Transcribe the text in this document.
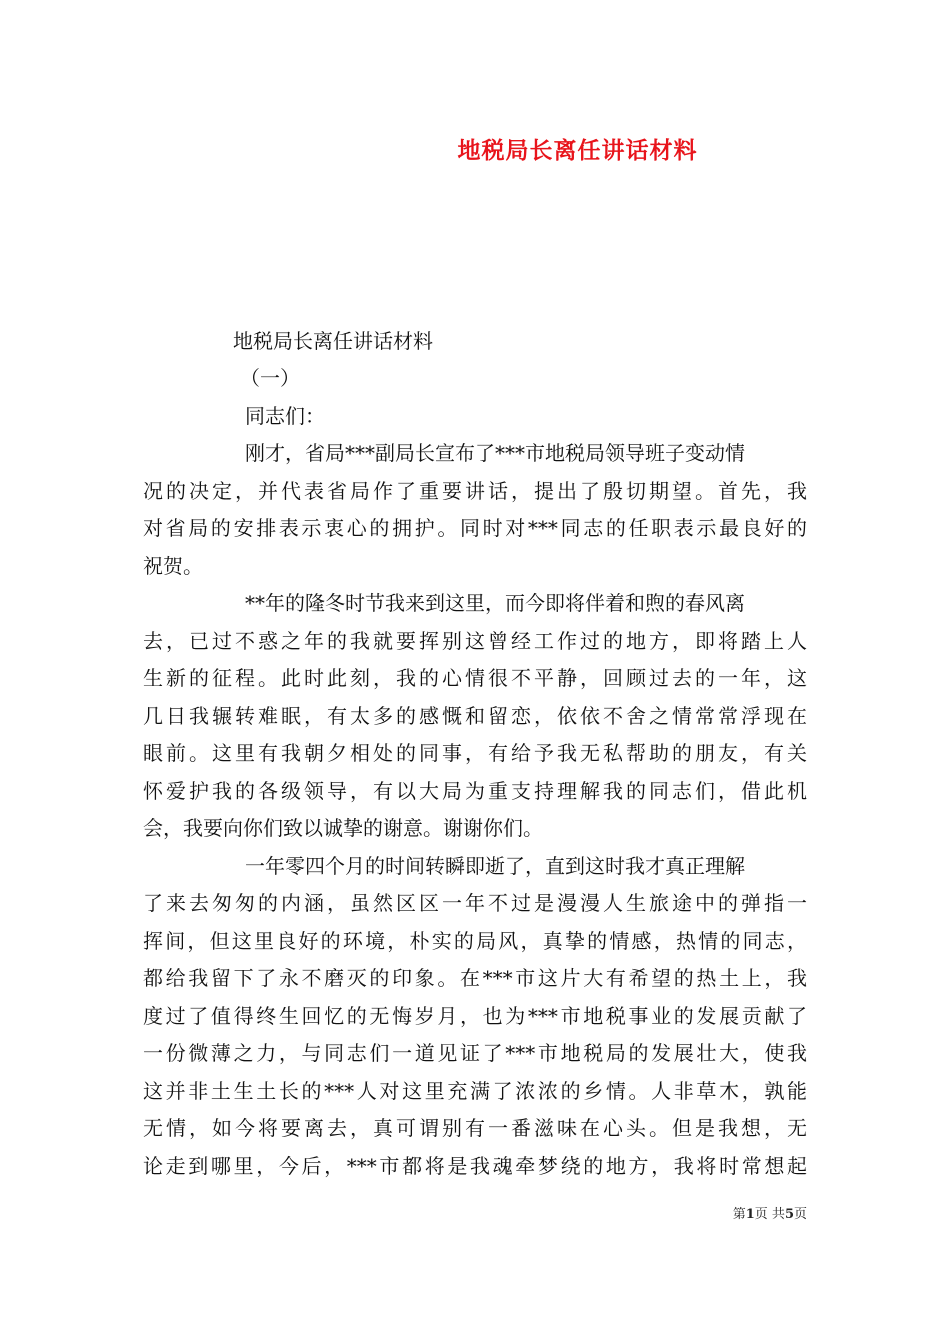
地税局长离任讲话材料
地税局长离任讲话材料
（一）
同志们：
刚才，省局***副局长宣布了***市地税局领导班子变动情
况的决定，并代表省局作了重要讲话，提出了殷切期望。首先，我
对省局的安排表示衷心的拥护。同时对***同志的任职表示最良好的
祝贺。
**年的隆冬时节我来到这里，而今即将伴着和煦的春风离
去，已过不惑之年的我就要挥别这曾经工作过的地方，即将踏上人
生新的征程。此时此刻，我的心情很不平静，回顾过去的一年，这
几日我辗转难眠，有太多的感慨和留恋，依依不舍之情常常浮现在
眼前。这里有我朝夕相处的同事，有给予我无私帮助的朋友，有关
怀爱护我的各级领导，有以大局为重支持理解我的同志们，借此机
会，我要向你们致以诚挚的谢意。谢谢你们。
一年零四个月的时间转瞬即逝了，直到这时我才真正理解
了来去匆匆的内涵，虽然区区一年不过是漫漫人生旅途中的弹指一
挥间，但这里良好的环境，朴实的局风，真挚的情感，热情的同志，
都给我留下了永不磨灭的印象。在***市这片大有希望的热土上，我
度过了值得终生回忆的无悔岁月，也为***市地税事业的发展贡献了
一份微薄之力，与同志们一道见证了***市地税局的发展壮大，使我
这并非土生土长的***人对这里充满了浓浓的乡情。人非草木，孰能
无情，如今将要离去，真可谓别有一番滋味在心头。但是我想，无
论走到哪里，今后，***市都将是我魂牵梦绕的地方，我将时常想起
第1页 共5页
